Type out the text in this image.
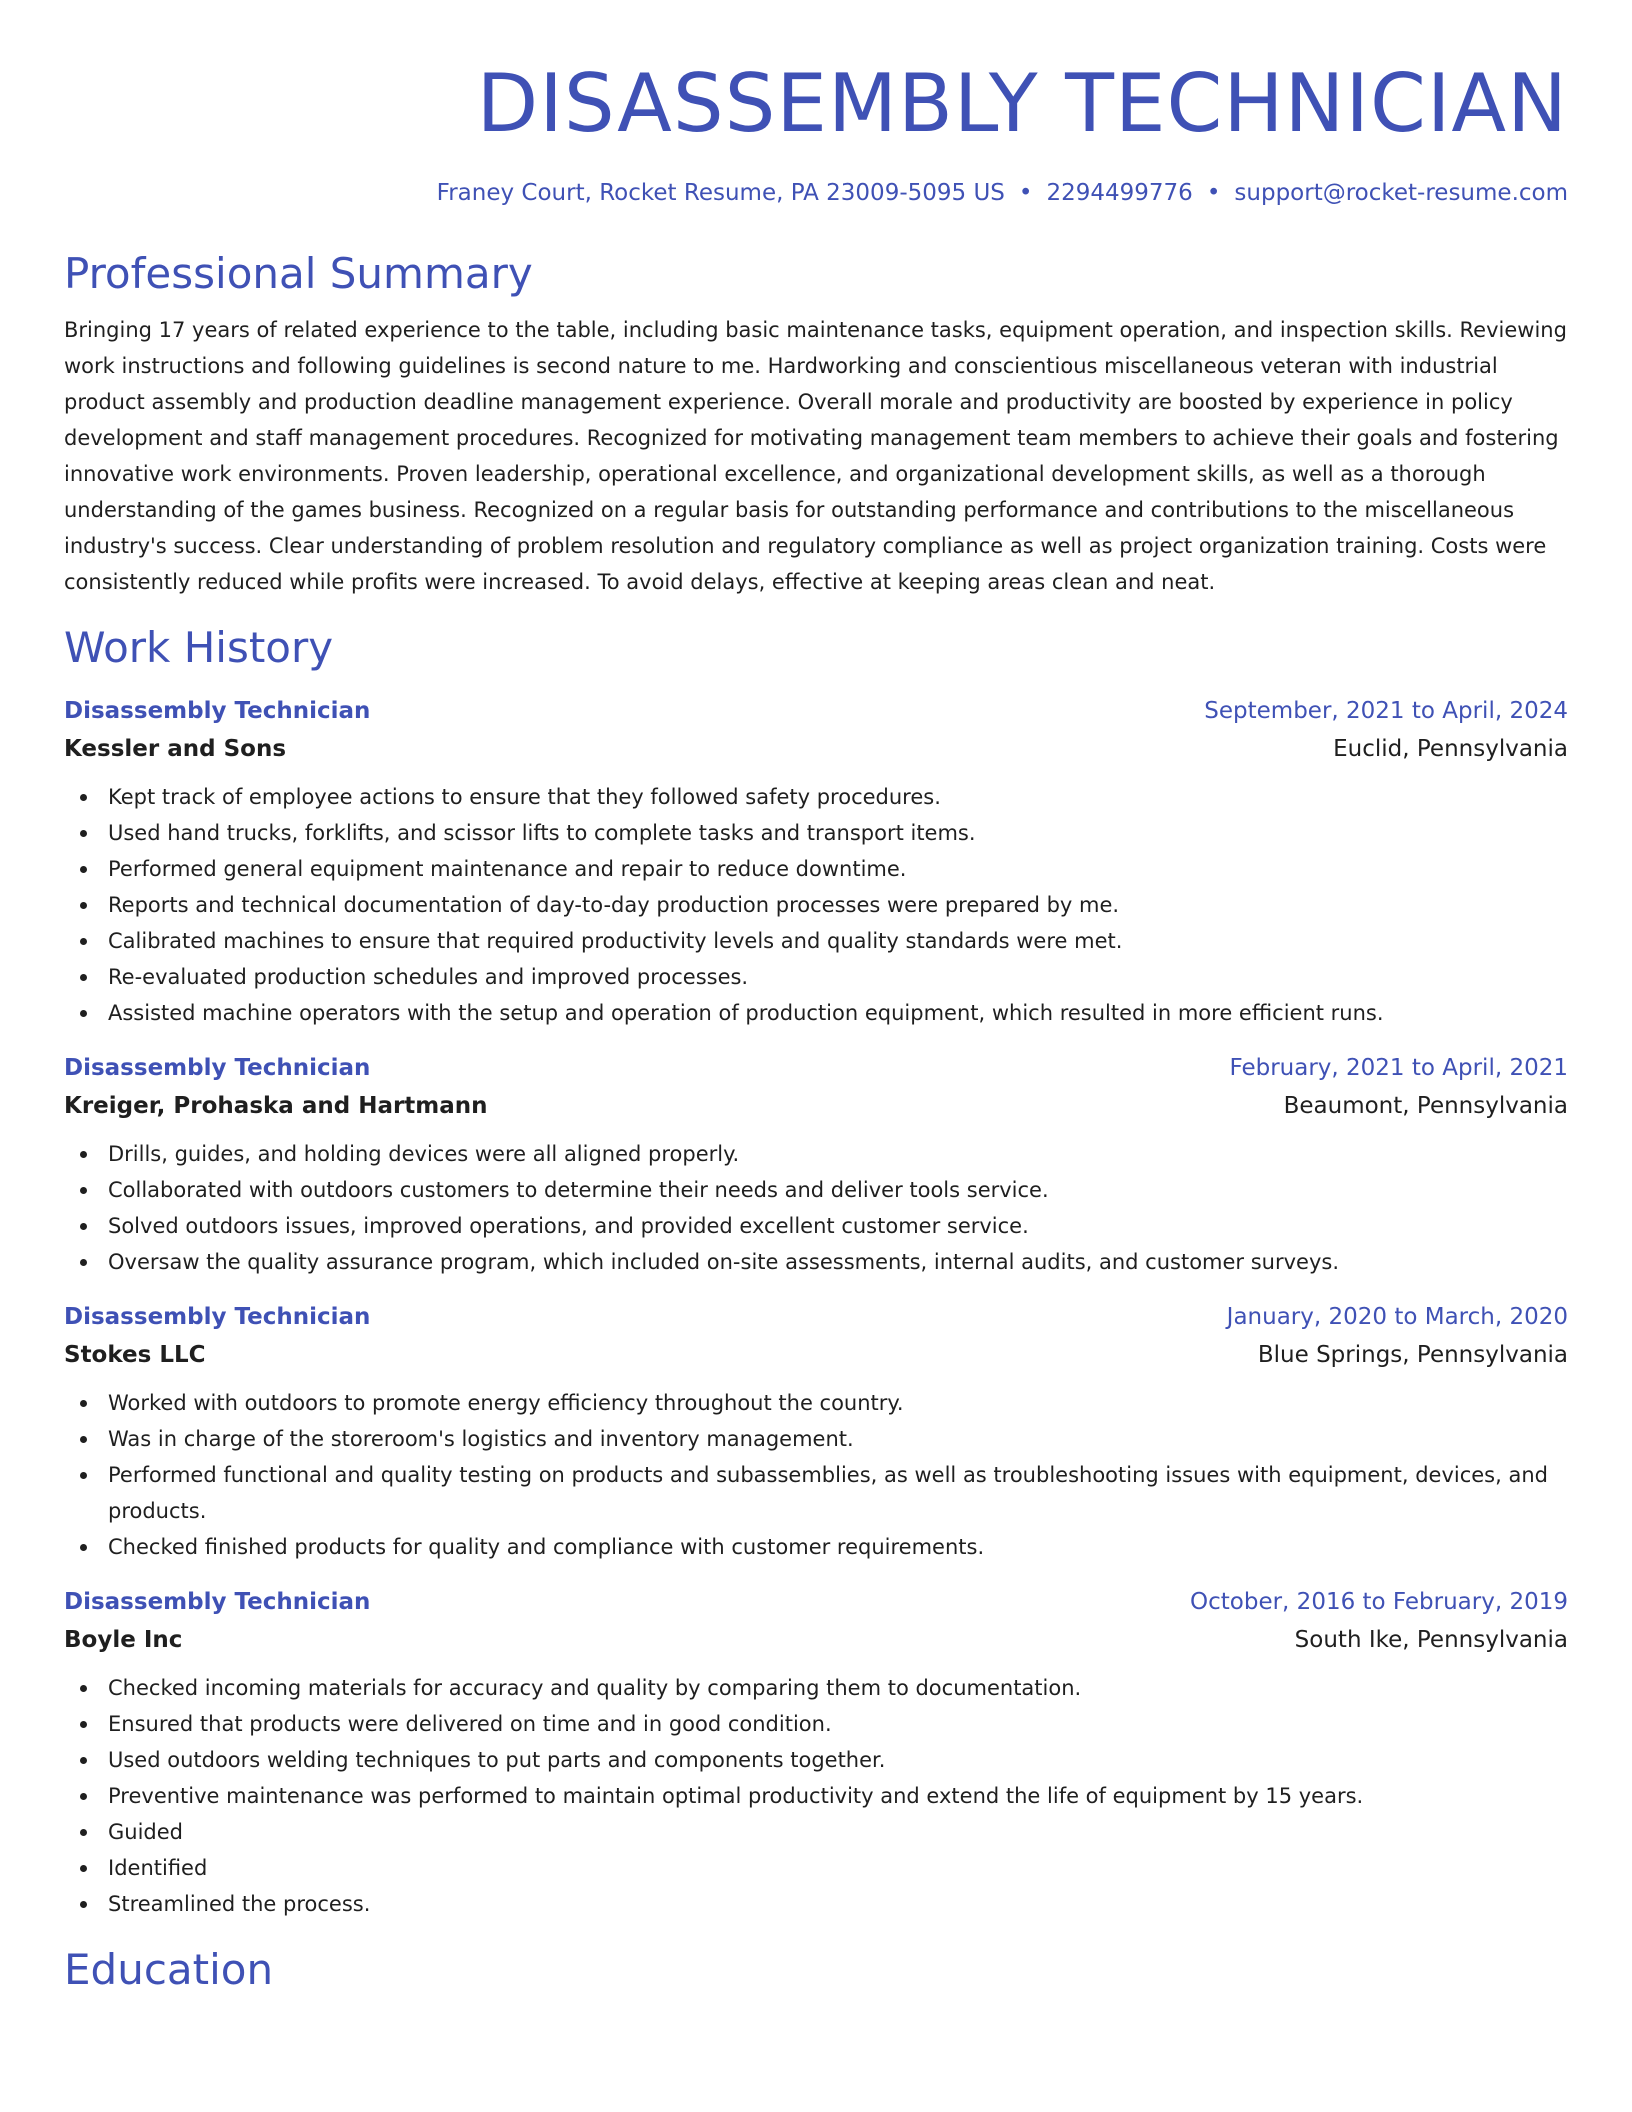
DISASSEMBLY TECHNICIAN
Franey Court, Rocket Resume, PA 23009-5095 US • 2294499776 • support@rocket-resume.com
Professional Summary
Bringing 17 years of related experience to the table, including basic maintenance tasks, equipment operation, and inspection skills. Reviewing work instructions and following guidelines is second nature to me. Hardworking and conscientious miscellaneous veteran with industrial product assembly and production deadline management experience. Overall morale and productivity are boosted by experience in policy development and staff management procedures. Recognized for motivating management team members to achieve their goals and fostering innovative work environments. Proven leadership, operational excellence, and organizational development skills, as well as a thorough understanding of the games business. Recognized on a regular basis for outstanding performance and contributions to the miscellaneous industry's success. Clear understanding of problem resolution and regulatory compliance as well as project organization training. Costs were consistently reduced while profits were increased. To avoid delays, effective at keeping areas clean and neat.
Work History
Disassembly Technician	September, 2021 to April, 2024
Kessler and Sons	Euclid, Pennsylvania
Kept track of employee actions to ensure that they followed safety procedures.
Used hand trucks, forklifts, and scissor lifts to complete tasks and transport items.
Performed general equipment maintenance and repair to reduce downtime.
Reports and technical documentation of day-to-day production processes were prepared by me.
Calibrated machines to ensure that required productivity levels and quality standards were met.
Re-evaluated production schedules and improved processes.
Assisted machine operators with the setup and operation of production equipment, which resulted in more efficient runs.
Disassembly Technician	February, 2021 to April, 2021
Kreiger, Prohaska and Hartmann	Beaumont, Pennsylvania
Drills, guides, and holding devices were all aligned properly.
Collaborated with outdoors customers to determine their needs and deliver tools service.
Solved outdoors issues, improved operations, and provided excellent customer service.
Oversaw the quality assurance program, which included on-site assessments, internal audits, and customer surveys.
Disassembly Technician	January, 2020 to March, 2020
Stokes LLC	Blue Springs, Pennsylvania
Worked with outdoors to promote energy efficiency throughout the country.
Was in charge of the storeroom's logistics and inventory management.
Performed functional and quality testing on products and subassemblies, as well as troubleshooting issues with equipment, devices, and products.
Checked finished products for quality and compliance with customer requirements.
Disassembly Technician	October, 2016 to February, 2019
Boyle Inc	South Ike, Pennsylvania
Checked incoming materials for accuracy and quality by comparing them to documentation.
Ensured that products were delivered on time and in good condition.
Used outdoors welding techniques to put parts and components together.
Preventive maintenance was performed to maintain optimal productivity and extend the life of equipment by 15 years.
Guided
Identified
Streamlined the process.
Education
